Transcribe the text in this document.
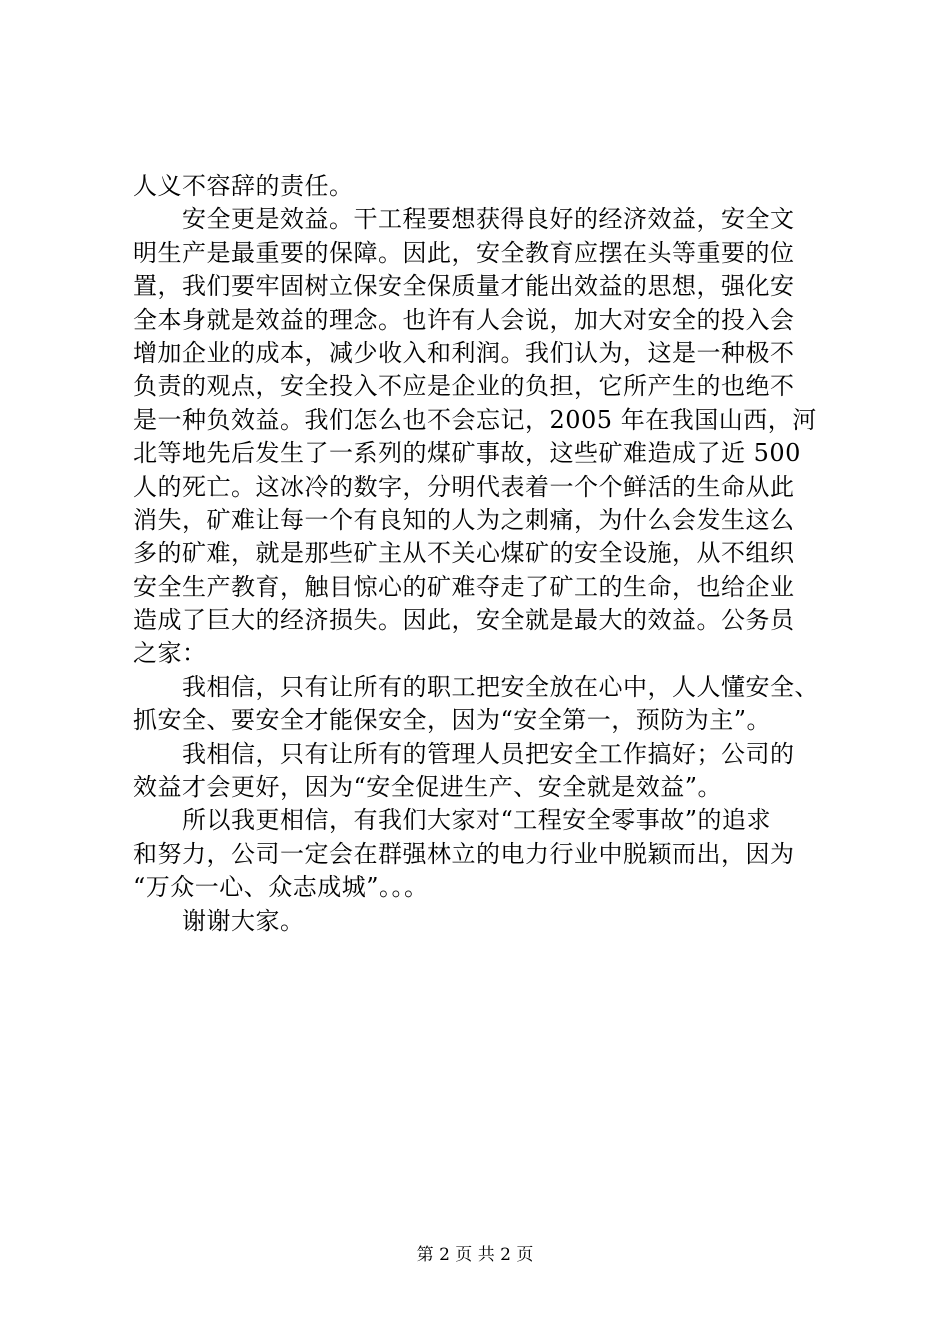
人义不容辞的责任。
安全更是效益。干工程要想获得良好的经济效益，安全文
明生产是最重要的保障。因此，安全教育应摆在头等重要的位
置，我们要牢固树立保安全保质量才能出效益的思想，强化安
全本身就是效益的理念。也许有人会说，加大对安全的投入会
增加企业的成本，减少收入和利润。我们认为，这是一种极不
负责的观点，安全投入不应是企业的负担，它所产生的也绝不
是一种负效益。我们怎么也不会忘记，2005 年在我国山西，河
北等地先后发生了一系列的煤矿事故，这些矿难造成了近 500
人的死亡。这冰冷的数字，分明代表着一个个鲜活的生命从此
消失，矿难让每一个有良知的人为之刺痛，为什么会发生这么
多的矿难，就是那些矿主从不关心煤矿的安全设施，从不组织
安全生产教育，触目惊心的矿难夺走了矿工的生命，也给企业
造成了巨大的经济损失。因此，安全就是最大的效益。公务员
之家：
我相信，只有让所有的职工把安全放在心中，人人懂安全、
抓安全、要安全才能保安全，因为“安全第一，预防为主”。
我相信，只有让所有的管理人员把安全工作搞好；公司的
效益才会更好，因为“安全促进生产、安全就是效益”。
所以我更相信，有我们大家对“工程安全零事故”的追求
和努力，公司一定会在群强林立的电力行业中脱颖而出，因为
“万众一心、众志成城”。。。
谢谢大家。
第 2 页 共 2 页
